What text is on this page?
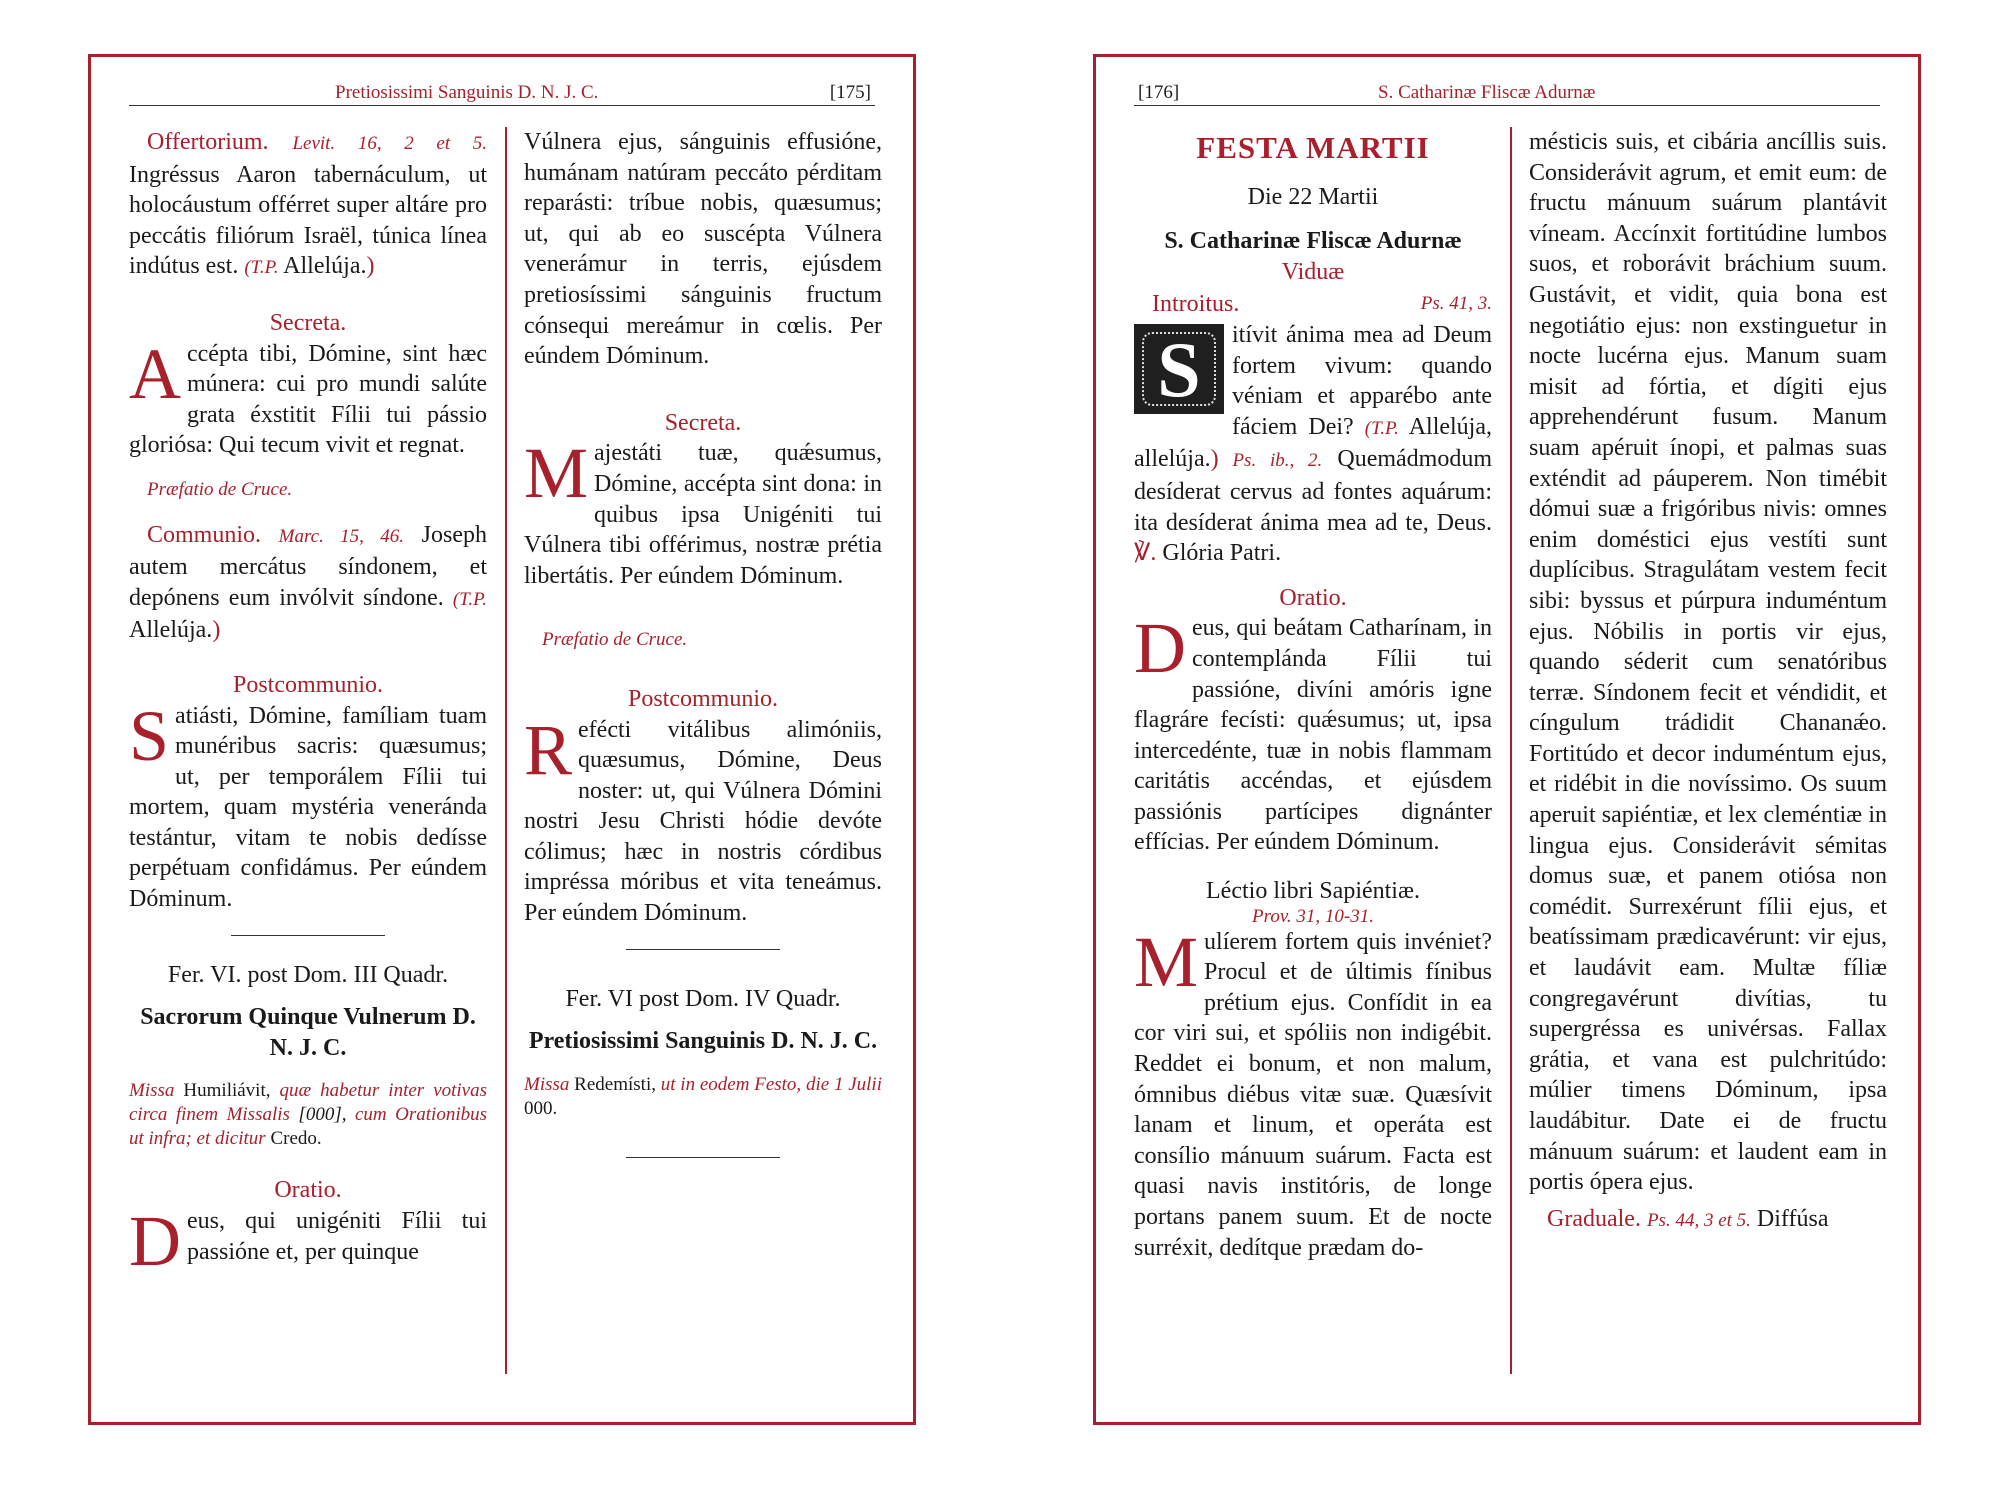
Pretiosissimi Sanguinis D. N. J. C.	[175]

Offertorium. Levit. 16, 2 et 5. Ingréssus Aaron tabernáculum, ut holocáustum offérret super altáre pro peccátis filiórum Israël, túnica línea indútus est. (T.P. Allelúja.)

Secreta.

Accépta tibi, Dómine, sint hæc múnera: cui pro mundi salúte grata éxstitit Fílii tui pássio gloriósa: Qui tecum vivit et regnat.

Præfatio de Cruce.

Communio. Marc. 15, 46. Joseph autem mercátus síndonem, et depónens eum invólvit síndone. (T.P. Allelúja.)

Postcommunio.

Satiásti, Dómine, famíliam tuam munéribus sacris: quæsumus; ut, per temporálem Fílii tui mortem, quam mystéria veneránda testántur, vitam te nobis dedísse perpétuam confidámus. Per eúndem Dóminum.

Fer. VI. post Dom. III Quadr.

Sacrorum Quinque Vulnerum D. N. J. C.

Missa Humiliávit, quæ habetur inter votivas circa finem Missalis [000], cum Orationibus ut infra; et dicitur Credo.

Oratio.

Deus, qui unigéniti Fílii tui passióne et, per quinque

Vúlnera ejus, sánguinis effusióne, humánam natúram peccáto pérditam reparásti: tríbue nobis, quæsumus; ut, qui ab eo suscépta Vúlnera venerámur in terris, ejúsdem pretiosíssimi sánguinis fructum cónsequi mereámur in cœlis. Per eúndem Dóminum.

Secreta.

Majestáti tuæ, quǽsumus, Dómine, accépta sint dona: in quibus ipsa Unigéniti tui Vúlnera tibi offérimus, nostræ prétia libertátis. Per eúndem Dóminum.

Præfatio de Cruce.

Postcommunio.

Refécti vitálibus alimóniis, quæsumus, Dómine, Deus noster: ut, qui Vúlnera Dómini nostri Jesu Christi hódie devóte cólimus; hæc in nostris córdibus impréssa móribus et vita teneámus. Per eúndem Dóminum.

Fer. VI post Dom. IV Quadr.

Pretiosissimi Sanguinis D. N. J. C.

Missa Redemísti, ut in eodem Festo, die 1 Julii 000.

[176]	S. Catharinæ Fliscæ Adurnæ

FESTA MARTII

Die 22 Martii

S. Catharinæ Fliscæ Adurnæ

Viduæ

Introitus.	Ps. 41, 3.

S	itívit ánima mea ad Deum fortem vivum: quando véniam et apparébo ante fáciem Dei? (T.P. Allelúja, allelúja.) Ps. ib., 2. Quemádmodum desíderat cervus ad fontes aquárum: ita desíderat ánima mea ad te, Deus. ℣. Glória Patri.

Oratio.

Deus, qui beátam Catharínam, in contemplánda Fílii tui passióne, divíni amóris igne flagráre fecísti: quǽsumus; ut, ipsa intercedénte, tuæ in nobis flammam caritátis accéndas, et ejúsdem passiónis partícipes dignánter effícias. Per eúndem Dóminum.

Léctio libri Sapiéntiæ.

Prov. 31, 10-31.

Mulíerem fortem quis invéniet? Procul et de últimis fínibus prétium ejus. Confídit in ea cor viri sui, et spóliis non indigébit. Reddet ei bonum, et non malum, ómnibus diébus vitæ suæ. Quæsívit lanam et linum, et operáta est consílio mánuum suárum. Facta est quasi navis institóris, de longe portans panem suum. Et de nocte surréxit, dedítque prædam do-

mésticis suis, et cibária ancíllis suis. Considerávit agrum, et emit eum: de fructu mánuum suárum plantávit víneam. Accínxit fortitúdine lumbos suos, et roborávit bráchium suum. Gustávit, et vidit, quia bona est negotiátio ejus: non exstinguetur in nocte lucérna ejus. Manum suam misit ad fórtia, et dígiti ejus apprehendérunt fusum. Manum suam apéruit ínopi, et palmas suas exténdit ad páuperem. Non timébit dómui suæ a frigóribus nivis: omnes enim doméstici ejus vestíti sunt duplícibus. Stragulátam vestem fecit sibi: byssus et púrpura induméntum ejus. Nóbilis in portis vir ejus, quando séderit cum senatóribus terræ. Síndonem fecit et véndidit, et cíngulum trádidit Chananǽo. Fortitúdo et decor induméntum ejus, et ridébit in die novíssimo. Os suum aperuit sapiéntiæ, et lex cleméntiæ in lingua ejus. Considerávit sémitas domus suæ, et panem otiósa non comédit. Surrexérunt fílii ejus, et beatíssimam prædicavérunt: vir ejus, et laudávit eam. Multæ fíliæ congregavérunt divítias, tu supergréssa es univérsas. Fallax grátia, et vana est pulchritúdo: múlier timens Dóminum, ipsa laudábitur. Date ei de fructu mánuum suárum: et laudent eam in portis ópera ejus.

Graduale. Ps. 44, 3 et 5. Diffúsa
